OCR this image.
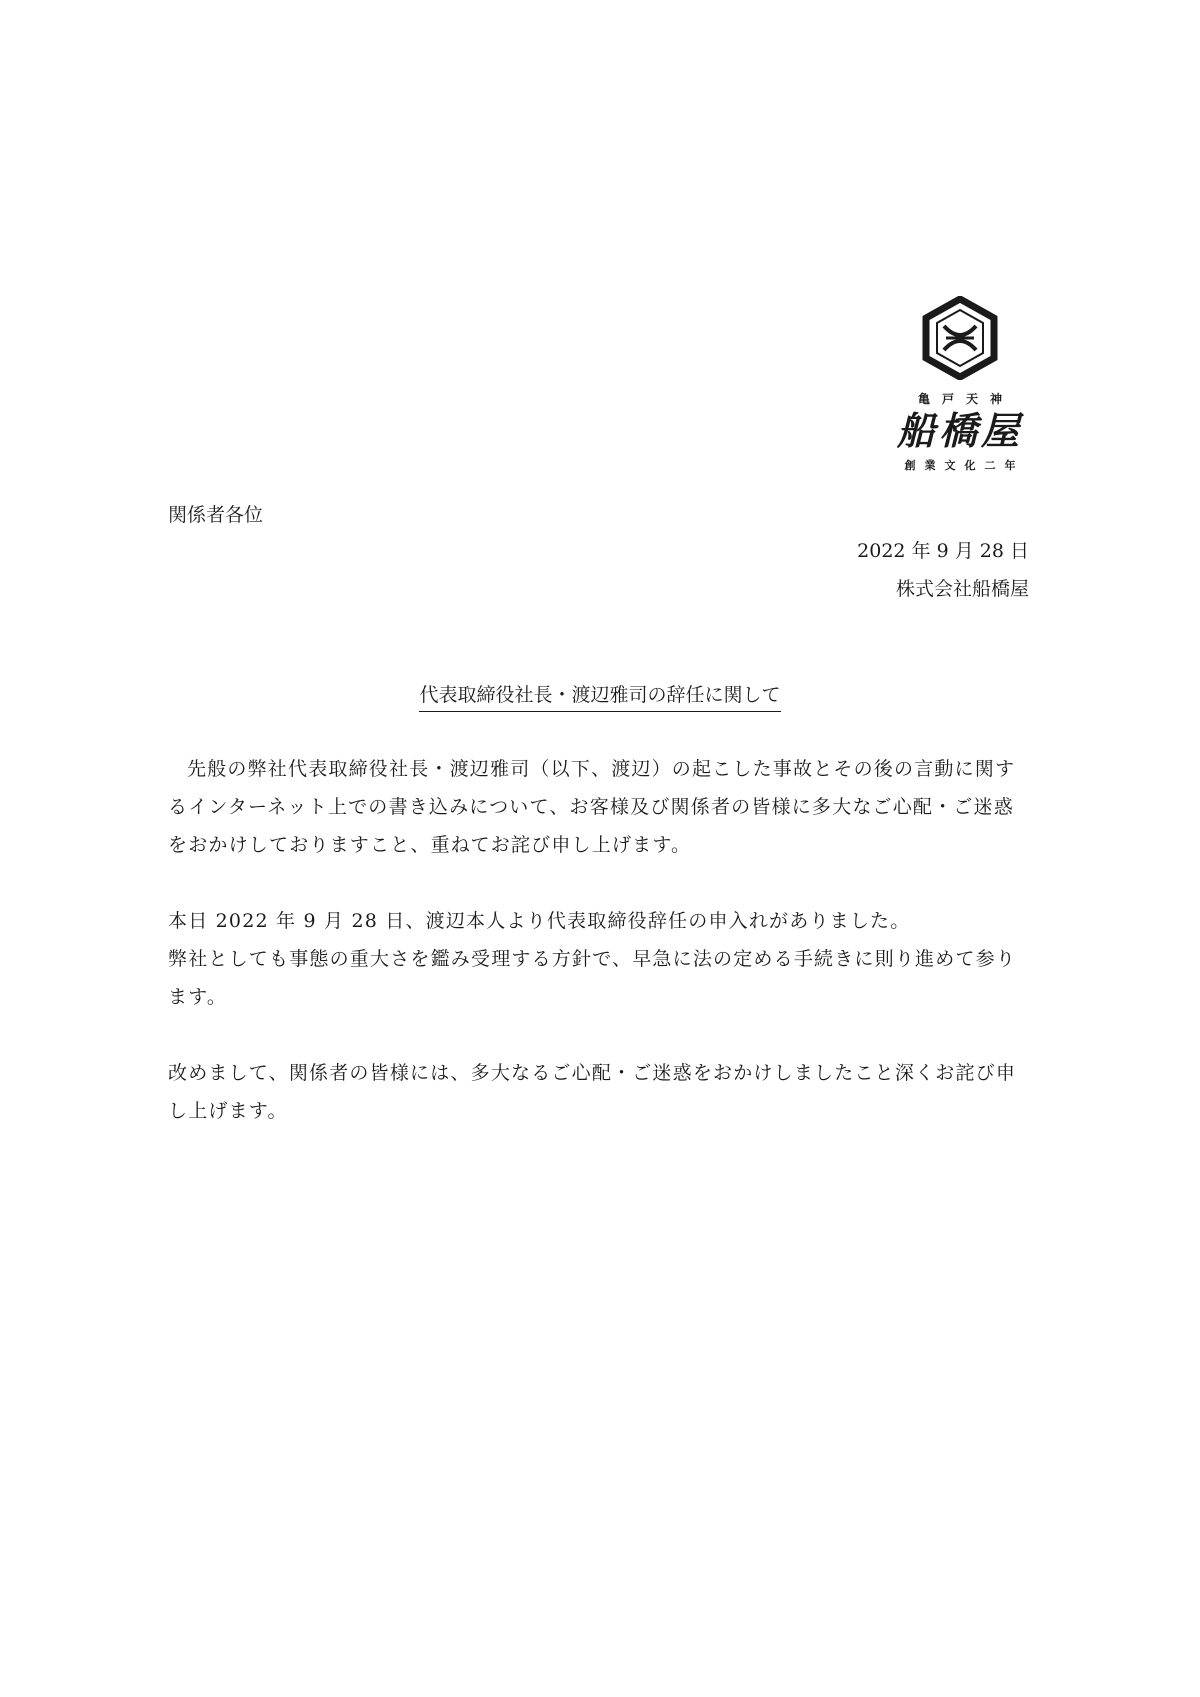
亀戸天神
船橋屋
創業文化二年
関係者各位
2022 年 9 月 28 日
株式会社船橋屋
代表取締役社長・渡辺雅司の辞任に関して

先般の弊社代表取締役社長・渡辺雅司（以下、渡辺）の起こした事故とその後の言動に関するインターネット上での書き込みについて、お客様及び関係者の皆様に多大なご心配・ご迷惑をおかけしておりますこと、重ねてお詫び申し上げます。

本日 2022 年 9 月 28 日、渡辺本人より代表取締役辞任の申入れがありました。

弊社としても事態の重大さを鑑み受理する方針で、早急に法の定める手続きに則り進めて参ります。

改めまして、関係者の皆様には、多大なるご心配・ご迷惑をおかけしましたこと深くお詫び申し上げます。
